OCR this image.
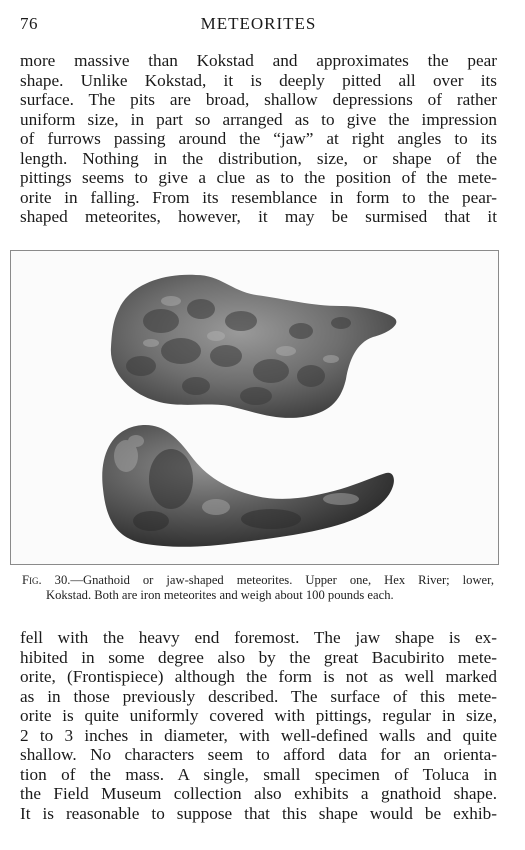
76	METEORITES
more massive than Kokstad and approximates the pear
shape. Unlike Kokstad, it is deeply pitted all over its
surface. The pits are broad, shallow depressions of rather
uniform size, in part so arranged as to give the impression
of furrows passing around the “jaw” at right angles to its
length. Nothing in the distribution, size, or shape of the
pittings seems to give a clue as to the position of the mete-
orite in falling. From its resemblance in form to the pear-
shaped meteorites, however, it may be surmised that it
Fig. 30.—Gnathoid or jaw-shaped meteorites. Upper one, Hex River; lower,
Kokstad. Both are iron meteorites and weigh about 100 pounds each.
fell with the heavy end foremost. The jaw shape is ex-
hibited in some degree also by the great Bacubirito mete-
orite, (Frontispiece) although the form is not as well marked
as in those previously described. The surface of this mete-
orite is quite uniformly covered with pittings, regular in size,
2 to 3 inches in diameter, with well-defined walls and quite
shallow. No characters seem to afford data for an orienta-
tion of the mass. A single, small specimen of Toluca in
the Field Museum collection also exhibits a gnathoid shape.
It is reasonable to suppose that this shape would be exhib-
